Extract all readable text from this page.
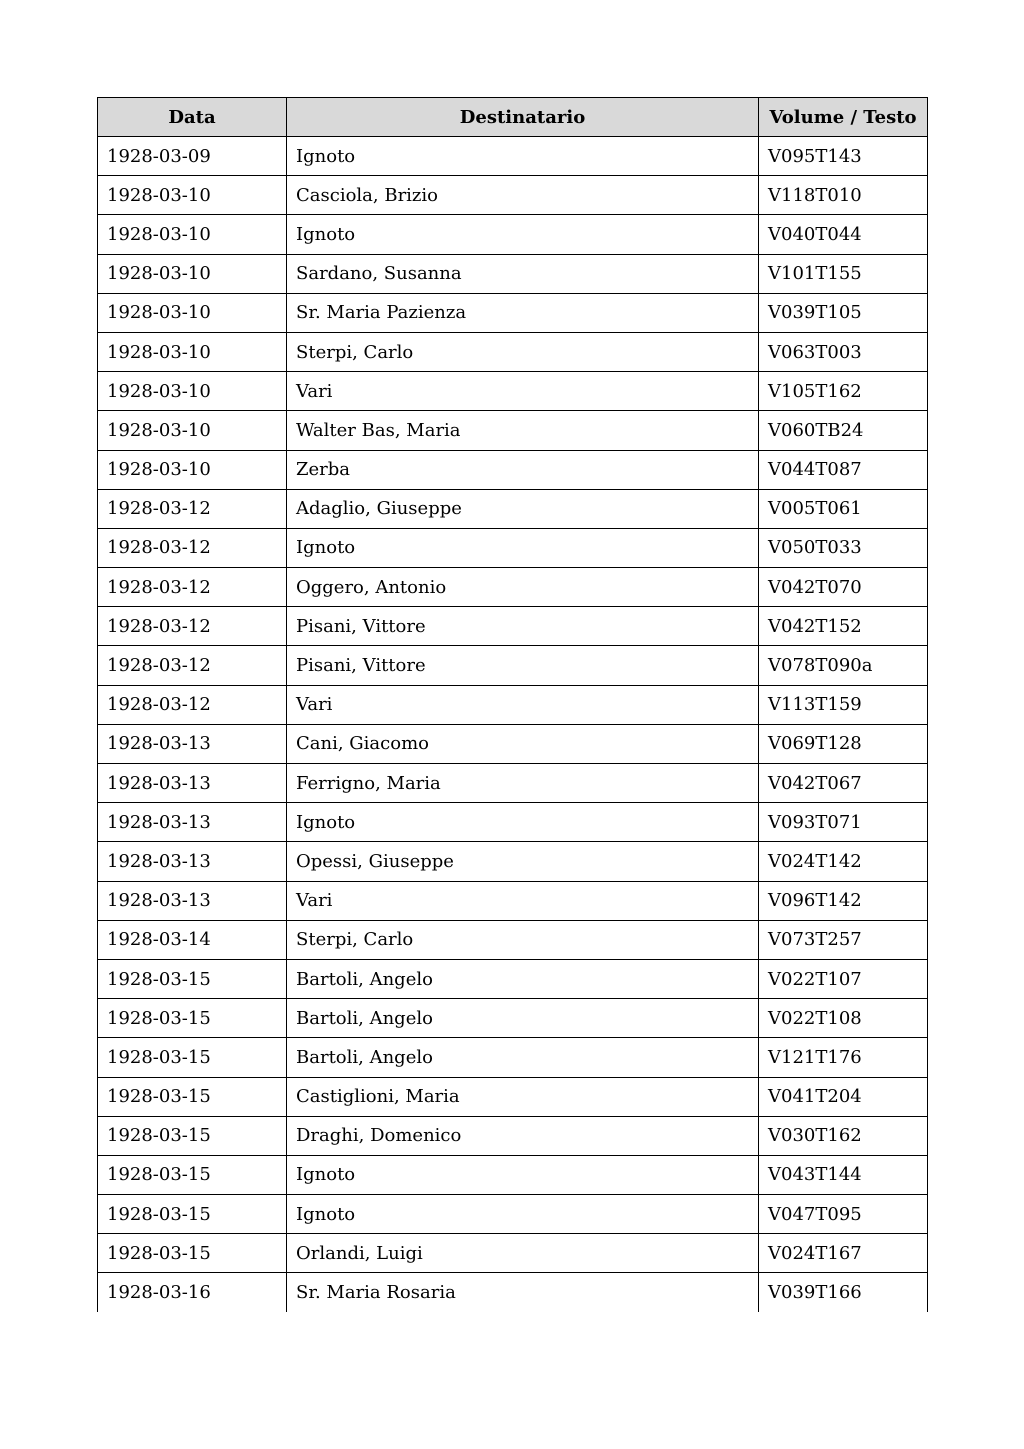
Data	Destinatario	Volume / Testo
1928-03-09	Ignoto	V095T143
1928-03-10	Casciola, Brizio	V118T010
1928-03-10	Ignoto	V040T044
1928-03-10	Sardano, Susanna	V101T155
1928-03-10	Sr. Maria Pazienza	V039T105
1928-03-10	Sterpi, Carlo	V063T003
1928-03-10	Vari	V105T162
1928-03-10	Walter Bas, Maria	V060TB24
1928-03-10	Zerba	V044T087
1928-03-12	Adaglio, Giuseppe	V005T061
1928-03-12	Ignoto	V050T033
1928-03-12	Oggero, Antonio	V042T070
1928-03-12	Pisani, Vittore	V042T152
1928-03-12	Pisani, Vittore	V078T090a
1928-03-12	Vari	V113T159
1928-03-13	Cani, Giacomo	V069T128
1928-03-13	Ferrigno, Maria	V042T067
1928-03-13	Ignoto	V093T071
1928-03-13	Opessi, Giuseppe	V024T142
1928-03-13	Vari	V096T142
1928-03-14	Sterpi, Carlo	V073T257
1928-03-15	Bartoli, Angelo	V022T107
1928-03-15	Bartoli, Angelo	V022T108
1928-03-15	Bartoli, Angelo	V121T176
1928-03-15	Castiglioni, Maria	V041T204
1928-03-15	Draghi, Domenico	V030T162
1928-03-15	Ignoto	V043T144
1928-03-15	Ignoto	V047T095
1928-03-15	Orlandi, Luigi	V024T167
1928-03-16	Sr. Maria Rosaria	V039T166
